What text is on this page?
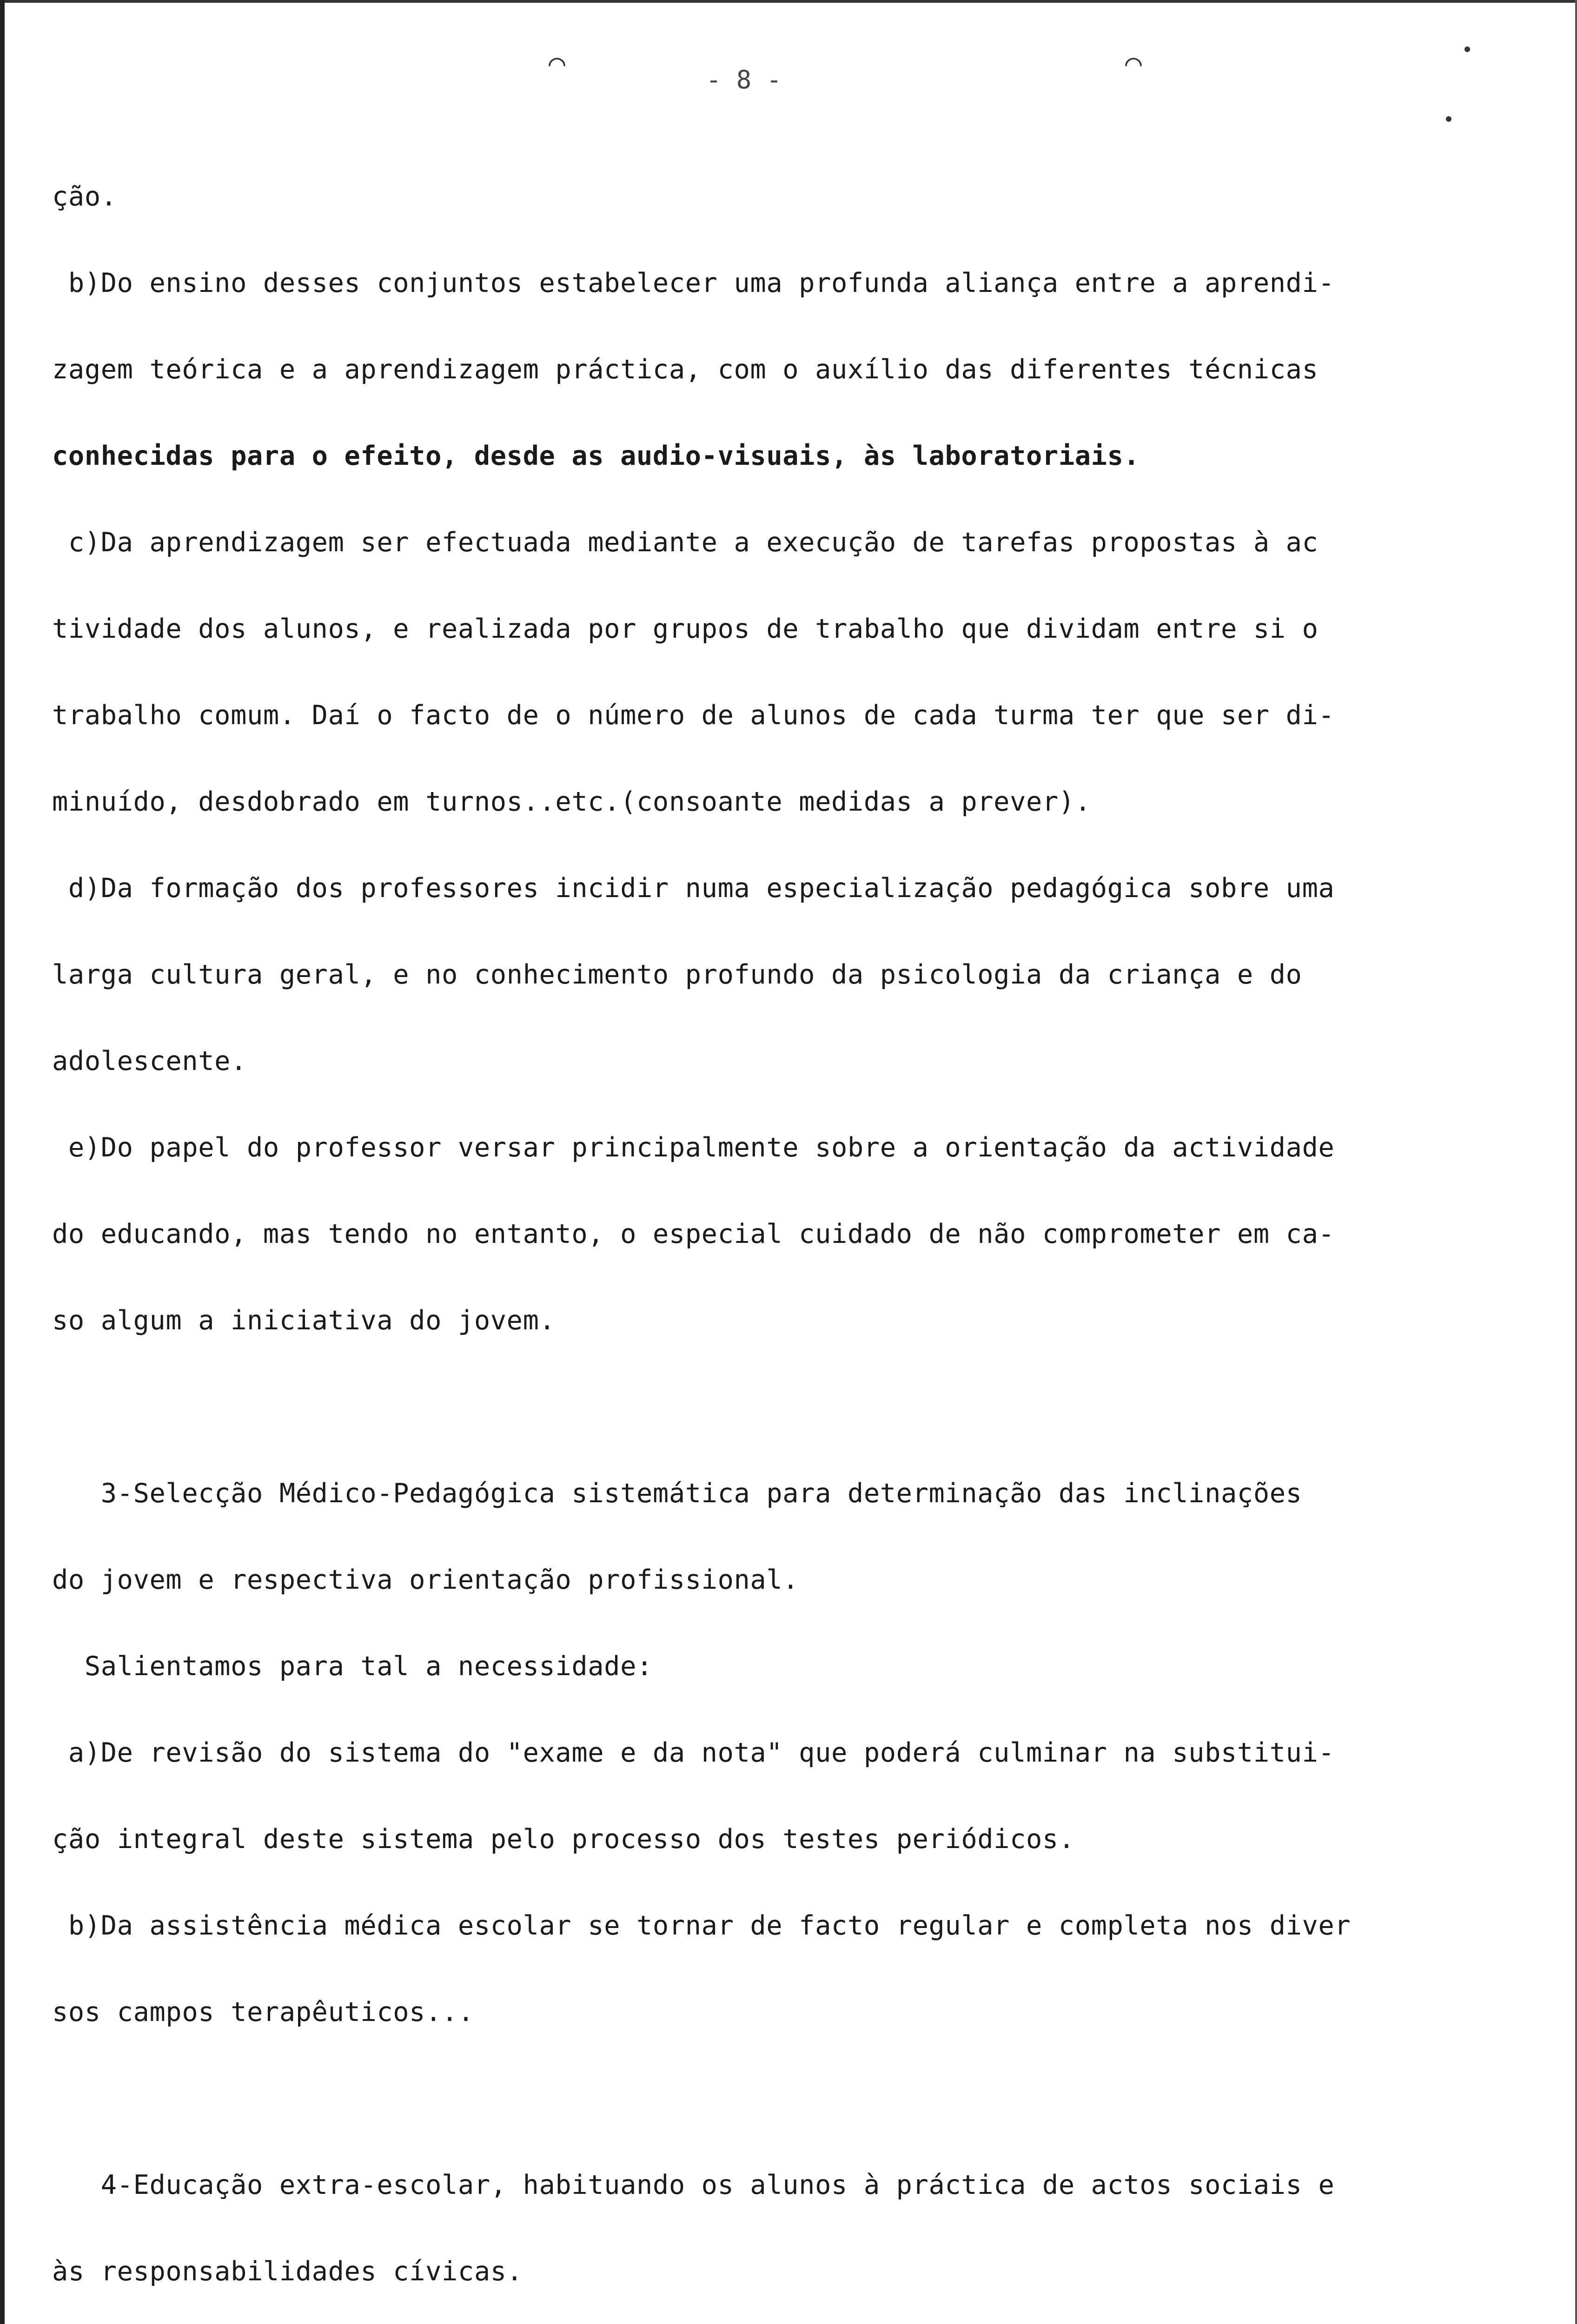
⌒	⌒
- 8 -

ção.

b)Do ensino desses conjuntos estabelecer uma profunda aliança entre a aprendi-

zagem teórica e a aprendizagem práctica, com o auxílio das diferentes técnicas

conhecidas para o efeito, desde as audio-visuais, às laboratoriais.

c)Da aprendizagem ser efectuada mediante a execução de tarefas propostas à ac

tividade dos alunos, e realizada por grupos de trabalho que dividam entre si o

trabalho comum. Daí o facto de o número de alunos de cada turma ter que ser di-

minuído, desdobrado em turnos..etc.(consoante medidas a prever).

d)Da formação dos professores incidir numa especialização pedagógica sobre uma

larga cultura geral, e no conhecimento profundo da psicologia da criança e do

adolescente.

e)Do papel do professor versar principalmente sobre a orientação da actividade

do educando, mas tendo no entanto, o especial cuidado de não comprometer em ca-

so algum a iniciativa do jovem.

3-Selecção Médico-Pedagógica sistemática para determinação das inclinações

do jovem e respectiva orientação profissional.

Salientamos para tal a necessidade:

a)De revisão do sistema do "exame e da nota" que poderá culminar na substitui-

ção integral deste sistema pelo processo dos testes periódicos.

b)Da assistência médica escolar se tornar de facto regular e completa nos diver

sos campos terapêuticos...

4-Educação extra-escolar, habituando os alunos à práctica de actos sociais e

às responsabilidades cívicas.
